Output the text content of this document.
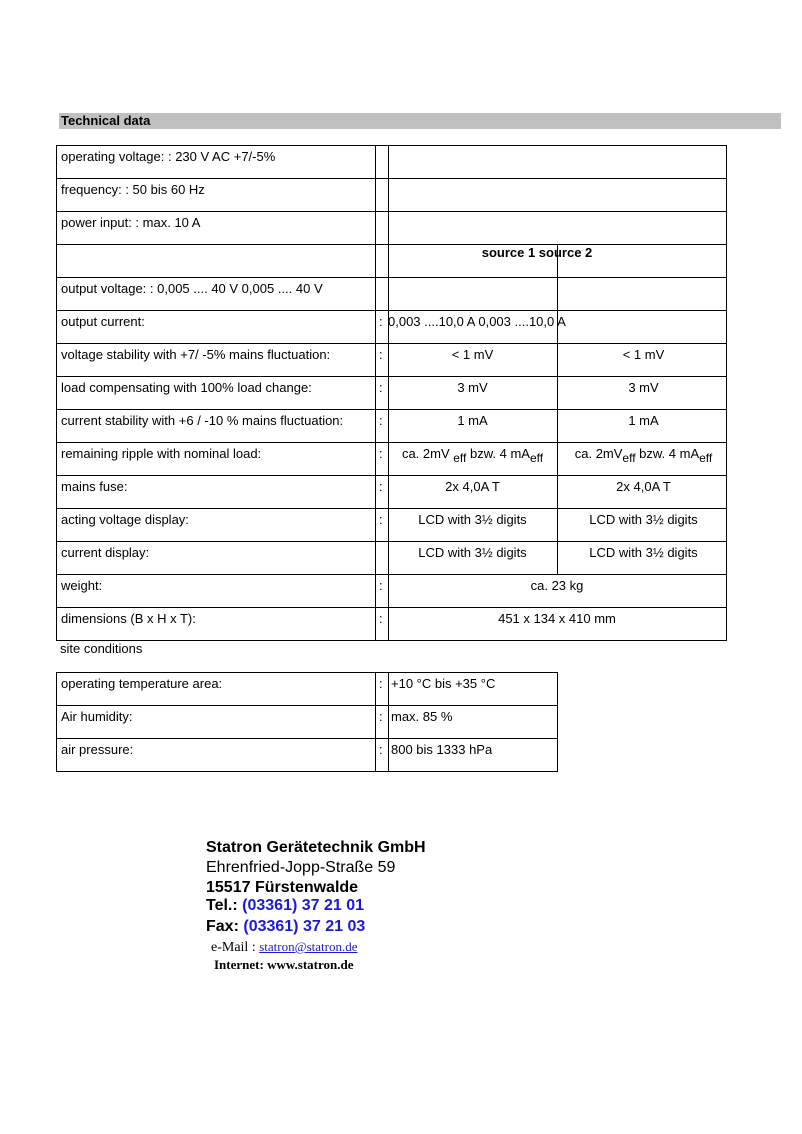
Technical data
site conditions
Statron Gerätetechnik GmbH
Ehrenfried-Jopp-Straße 59
15517 Fürstenwalde
Tel.: (03361) 37 21 01
Fax: (03361) 37 21 03
e-Mail : statron@statron.de
Internet: www.statron.de
operating voltage: : 230 V AC +7/-5%
frequency: : 50 bis 60 Hz
power input: : max. 10 A
source 1 source 2
output voltage: : 0,005 .... 40 V 0,005 .... 40 V
output current:	: 0,003 ....10,0 A 0,003 ....10,0 A
voltage stability with +7/ -5% mains fluctuation:	:	< 1 mV	< 1 mV
load compensating with 100% load change:	:	3 mV	3 mV
current stability with +6 / -10 % mains fluctuation:	:	1 mA	1 mA
remaining ripple with nominal load:	:	ca. 2mV $_{eff}$ bzw. 4 $mA_{eff}$	ca. $2mV_{eff}$ bzw. 4 $mA_{eff}$
mains fuse:	:	2x 4,0A T	2x 4,0A T
acting voltage display:	:	LCD with 3½ digits	LCD with 3½ digits
current display:	LCD with 3½ digits	LCD with 3½ digits
weight:	:	ca. 23 kg
dimensions (B x H x T):	:	451 x 134 x 410 mm
operating temperature area:	: +10 °C bis +35 °C
Air humidity:	: max. 85 %
air pressure:	: 800 bis 1333 hPa
